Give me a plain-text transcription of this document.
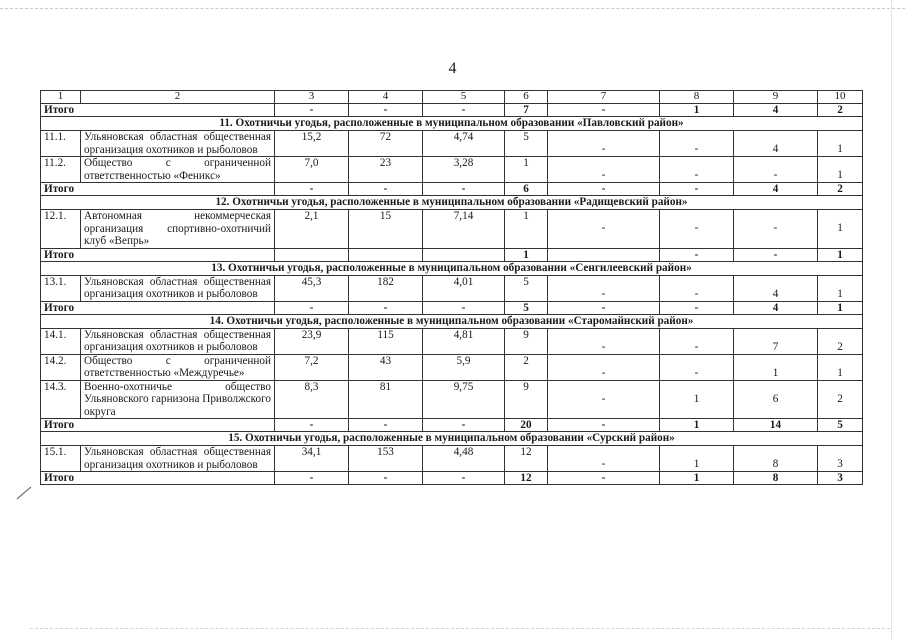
4
1	2	3	4	5	6	7	8	9	10
Итого		-	-	-	7	-	1	4	2
11. Охотничьи угодья, расположенные в муниципальном образовании «Павловский район»									
11.1.	Ульяновская областная общественная организация охотников и рыболовов	15,2	72	4,74	5	-	-	4	1

11.2.	Общество с ограниченной ответственностью «Феникс»	7,0	23	3,28	1	-	-	-	1

Итого		-	-	-	6	-	-	4	2
12. Охотничьи угодья, расположенные в муниципальном образовании «Радищевский район»									
12.1.	Автономная некоммерческая организация спортивно-охотничий клуб «Вепрь»	2,1	15	7,14	1	-	-	-	1

Итого					1		-	-	1
13. Охотничьи угодья, расположенные в муниципальном образовании «Сенгилеевский район»									
13.1.	Ульяновская областная общественная организация охотников и рыболовов	45,3	182	4,01	5	-	-	4	1

Итого		-	-	-	5	-	-	4	1
14. Охотничьи угодья, расположенные в муниципальном образовании «Старомайнский район»									
14.1.	Ульяновская областная общественная организация охотников и рыболовов	23,9	115	4,81	9	-	-	7	2

14.2.	Общество с ограниченной ответственностью «Междуречье»	7,2	43	5,9	2	-	-	1	1

14.3.	Военно-охотничье общество Ульяновского гарнизона Приволжского округа	8,3	81	9,75	9	-	1	6	2

Итого		-	-	-	20	-	1	14	5
15. Охотничьи угодья, расположенные в муниципальном образовании «Сурский район»									
15.1.	Ульяновская областная общественная организация охотников и рыболовов	34,1	153	4,48	12	-	1	8	3

Итого		-	-	-	12	-	1	8	3
